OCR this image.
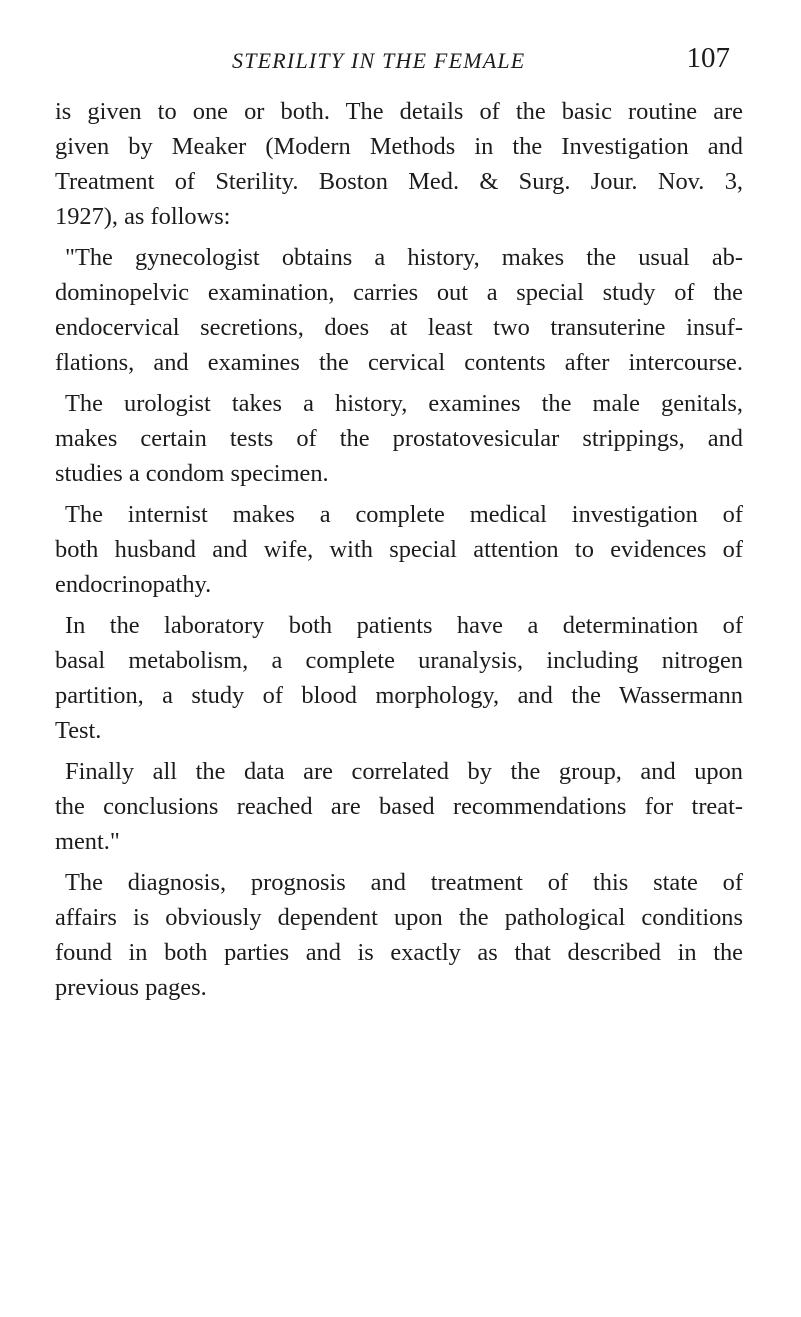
STERILITY IN THE FEMALE	107
is given to one or both. The details of the basic routine are
given by Meaker (Modern Methods in the Investigation and
Treatment of Sterility. Boston Med. & Surg. Jour. Nov. 3,
1927), as follows:
"The gynecologist obtains a history, makes the usual ab-
dominopelvic examination, carries out a special study of the
endocervical secretions, does at least two transuterine insuf-
flations, and examines the cervical contents after intercourse.
The urologist takes a history, examines the male genitals,
makes certain tests of the prostatovesicular strippings, and
studies a condom specimen.
The internist makes a complete medical investigation of
both husband and wife, with special attention to evidences of
endocrinopathy.
In the laboratory both patients have a determination of
basal metabolism, a complete uranalysis, including nitrogen
partition, a study of blood morphology, and the Wassermann
Test.
Finally all the data are correlated by the group, and upon
the conclusions reached are based recommendations for treat-
ment."
The diagnosis, prognosis and treatment of this state of
affairs is obviously dependent upon the pathological conditions
found in both parties and is exactly as that described in the
previous pages.
